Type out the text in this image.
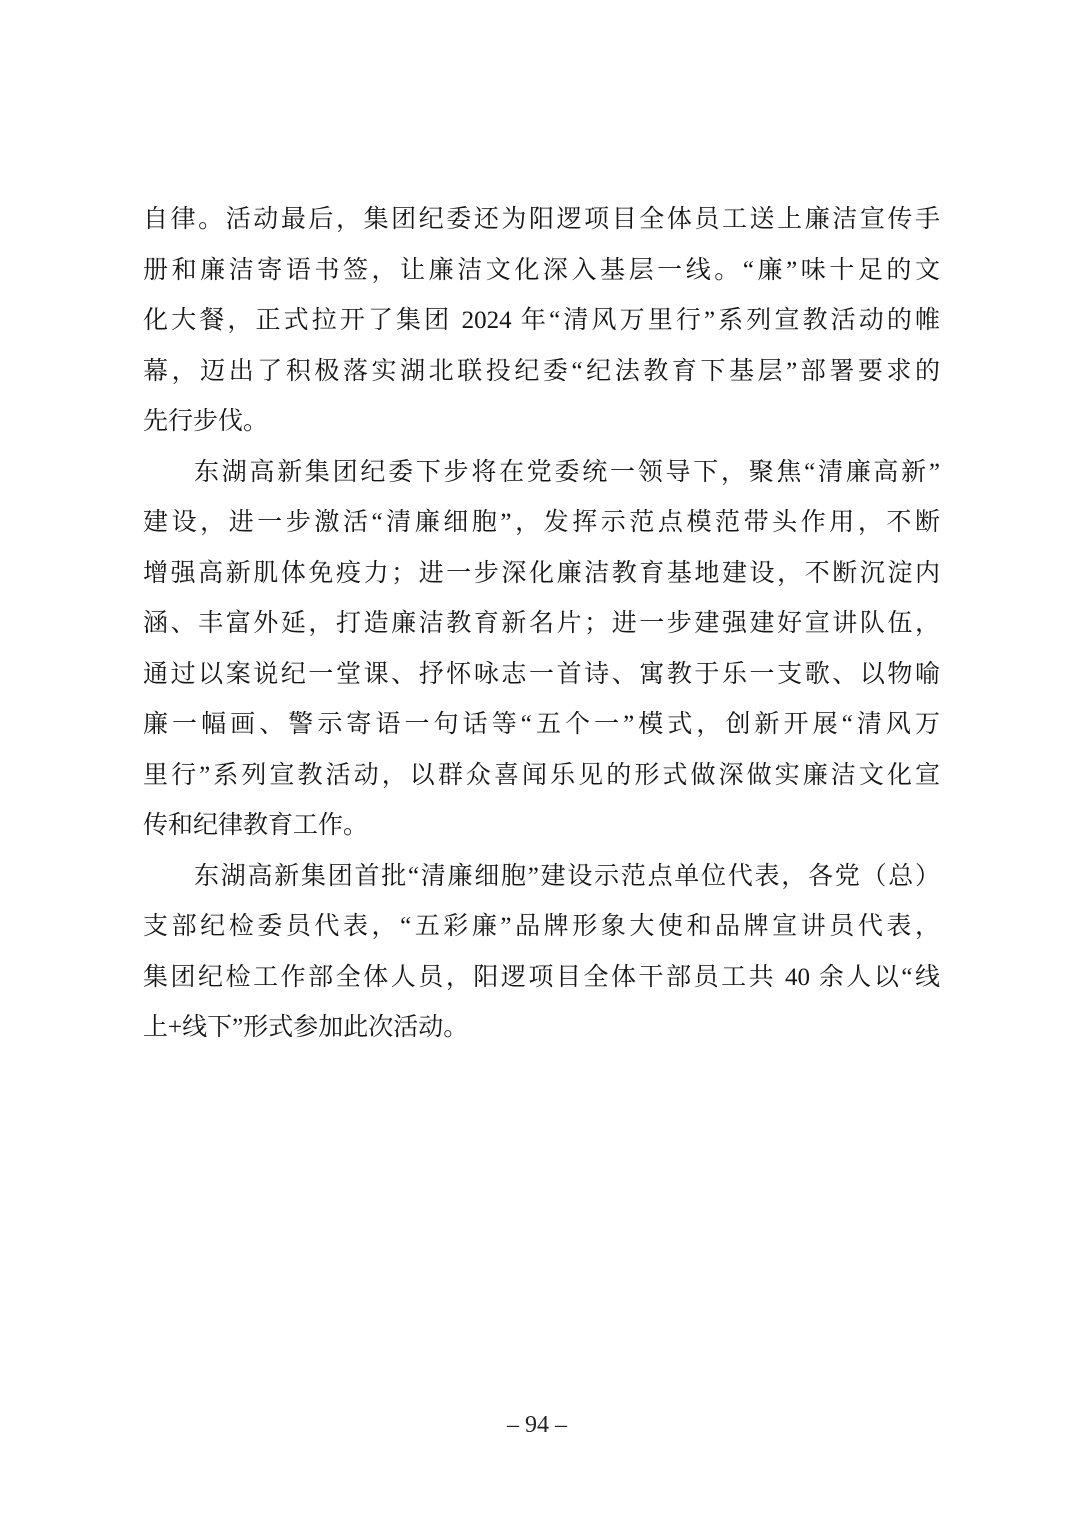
自律。活动最后，集团纪委还为阳逻项目全体员工送上廉洁宣传手

册和廉洁寄语书签，让廉洁文化深入基层一线。“廉”味十足的文

化大餐，正式拉开了集团 2024 年“清风万里行”系列宣教活动的帷

幕，迈出了积极落实湖北联投纪委“纪法教育下基层”部署要求的

先行步伐。

东湖高新集团纪委下步将在党委统一领导下，聚焦“清廉高新”

建设，进一步激活“清廉细胞”，发挥示范点模范带头作用，不断

增强高新肌体免疫力；进一步深化廉洁教育基地建设，不断沉淀内

涵、丰富外延，打造廉洁教育新名片；进一步建强建好宣讲队伍，

通过以案说纪一堂课、抒怀咏志一首诗、寓教于乐一支歌、以物喻

廉一幅画、警示寄语一句话等“五个一”模式，创新开展“清风万

里行”系列宣教活动，以群众喜闻乐见的形式做深做实廉洁文化宣

传和纪律教育工作。

东湖高新集团首批“清廉细胞”建设示范点单位代表，各党（总）

支部纪检委员代表，“五彩廉”品牌形象大使和品牌宣讲员代表，

集团纪检工作部全体人员，阳逻项目全体干部员工共 40 余人以“线

上+线下”形式参加此次活动。

– 94 –
